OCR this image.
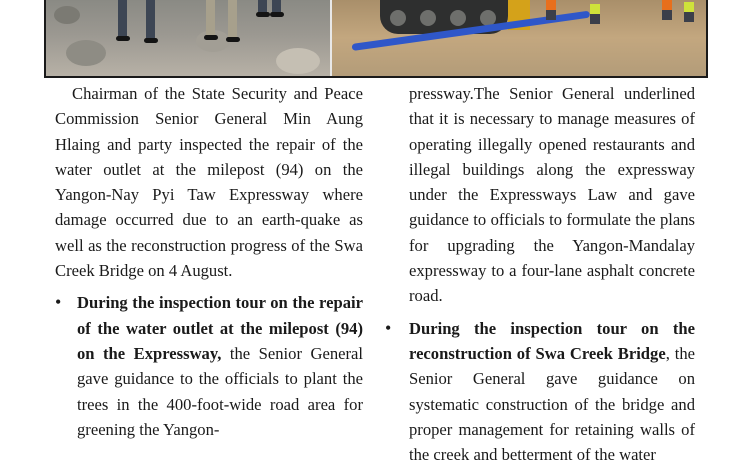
Chairman of the State Security and Peace Commission Senior General Min Aung Hlaing and party inspected the repair of the water outlet at the milepost (94) on the Yangon-Nay Pyi Taw Expressway where damage occurred due to an earth-quake as well as the reconstruction progress of the Swa Creek Bridge on 4 August.

• During the inspection tour on the repair of the water outlet at the milepost (94) on the Expressway, the Senior General gave guidance to the officials to plant the trees in the 400-foot-wide road area for greening the Yangon-

pressway.The Senior General underlined that it is necessary to manage measures of operating illegally opened restaurants and illegal buildings along the expressway under the Expressways Law and gave guidance to officials to formulate the plans for upgrading the Yangon-Mandalay expressway to a four-lane asphalt concrete road.

• During the inspection tour on the reconstruction of Swa Creek Bridge, the Senior General gave guidance on systematic construction of the bridge and proper management for retaining walls of the creek and betterment of the water
